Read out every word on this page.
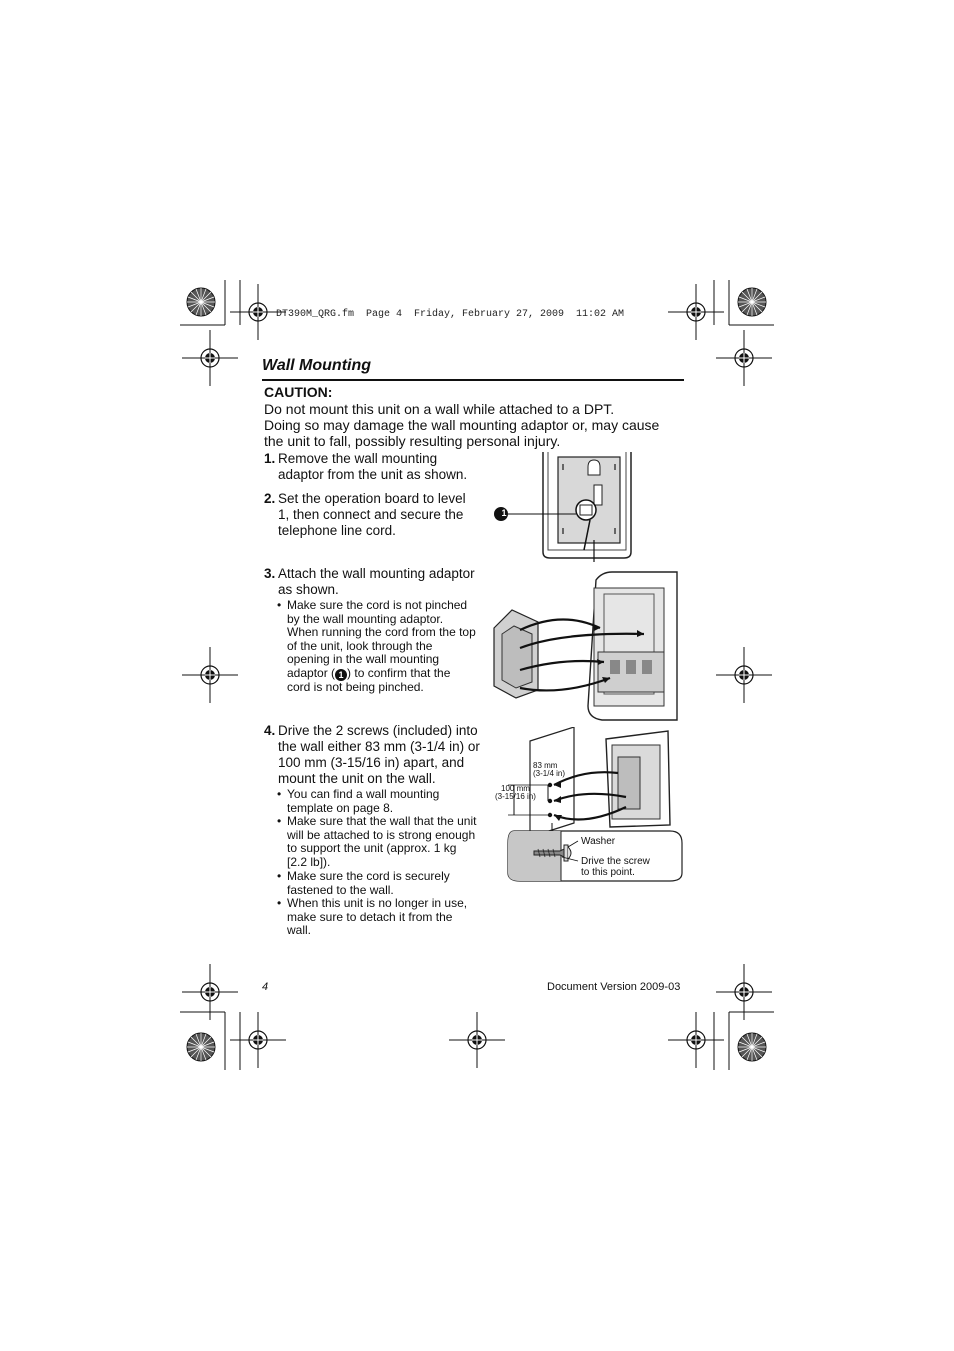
DT390M_QRG.fm  Page 4  Friday, February 27, 2009  11:02 AM
Wall Mounting
CAUTION:
Do not mount this unit on a wall while attached to a DPT.
Doing so may damage the wall mounting adaptor or, may cause
the unit to fall, possibly resulting personal injury.
1. Remove the wall mounting
adaptor from the unit as shown.
2. Set the operation board to level
1, then connect and secure the
telephone line cord.
3. Attach the wall mounting adaptor
as shown.
• Make sure the cord is not pinched
by the wall mounting adaptor.
When running the cord from the top
of the unit, look through the
opening in the wall mounting
adaptor ( 1 ) to confirm that the
cord is not being pinched.
4. Drive the 2 screws (included) into
the wall either 83 mm (3-1/4 in) or
100 mm (3-15/16 in) apart, and
mount the unit on the wall.
• You can find a wall mounting
template on page 8.
• Make sure that the wall that the unit
will be attached to is strong enough
to support the unit (approx. 1 kg
[2.2 lb]).
• Make sure the cord is securely
fastened to the wall.
• When this unit is no longer in use,
make sure to detach it from the
wall.
1
83 mm
(3-1/4 in)
100 mm
(3-15/16 in)
Washer
Drive the screw
to this point.
4	Document Version 2009-03
